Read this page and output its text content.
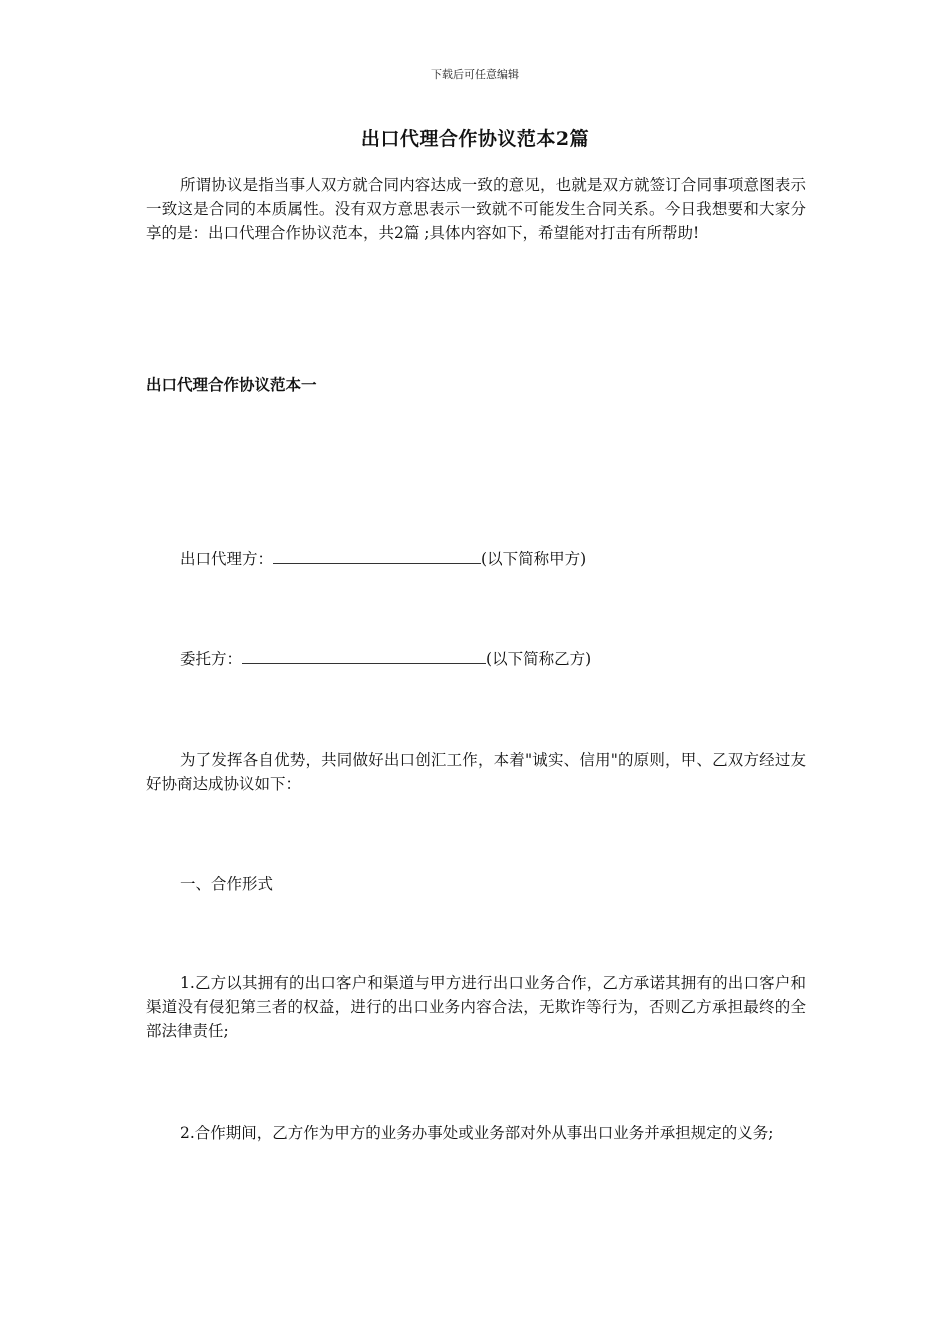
下载后可任意编辑
出口代理合作协议范本2篇

所谓协议是指当事人双方就合同内容达成一致的意见，也就是双方就签订合同事项意图表示一致这是合同的本质属性。没有双方意思表示一致就不可能发生合同关系。今日我想要和大家分享的是：出口代理合作协议范本，共2篇 ;具体内容如下，希望能对打击有所帮助!

出口代理合作协议范本一
出口代理方：	(以下简称甲方)
委托方：	(以下简称乙方)

为了发挥各自优势，共同做好出口创汇工作，本着"诚实、信用"的原则，甲、乙双方经过友好协商达成协议如下：

一、合作形式

1.乙方以其拥有的出口客户和渠道与甲方进行出口业务合作，乙方承诺其拥有的出口客户和渠道没有侵犯第三者的权益，进行的出口业务内容合法，无欺诈等行为，否则乙方承担最终的全部法律责任;

2.合作期间，乙方作为甲方的业务办事处或业务部对外从事出口业务并承担规定的义务;
